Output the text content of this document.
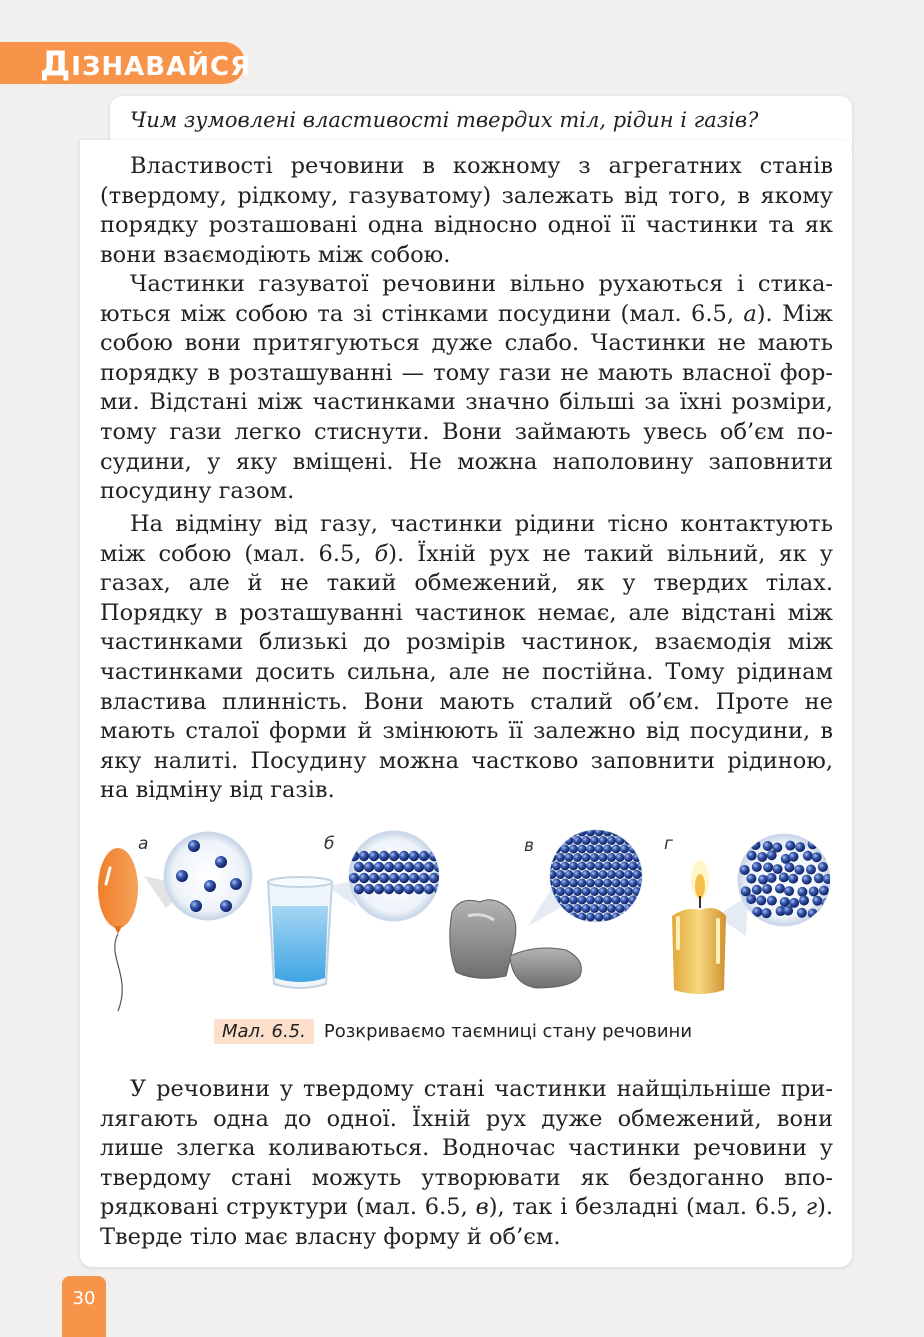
ДІЗНАВАЙСЯ
Чим зумовлені властивості твердих тіл, рідин і газів?

Властивості речовини в кожному з агрегатних станів (твердому, рідкому, газуватому) залежать від того, в якому порядку розташовані одна відносно одної її частинки та як вони взаємодіють між собою.

Частинки газуватої речовини вільно рухаються і стикаються між собою та зі стінками посудини (мал. 6.5, а). Між собою вони притягуються дуже слабо. Частинки не мають порядку в розташуванні — тому гази не мають власної форми. Відстані між частинками значно більші за їхні розміри, тому гази легко стиснути. Вони займають увесь об’єм посудини, у яку вміщені. Не можна наполовину заповнити посудину газом.

На відміну від газу, частинки рідини тісно контактують між собою (мал. 6.5, б). Їхній рух не такий вільний, як у газах, але й не такий обмежений, як у твердих тілах. Порядку в розташуванні частинок немає, але відстані між частинками близькі до розмірів частинок, взаємодія між частинками досить сильна, але не постійна. Тому рідинам властива плинність. Вони мають сталий об’єм. Проте не мають сталої форми й змінюють її залежно від посудини, в яку налиті. Посудину можна частково заповнити рідиною, на відміну від газів.

а	б	в	г
Мал. 6.5.	Розкриваємо таємниці стану речовини

У речовини у твердому стані частинки найщільніше прилягають одна до одної. Їхній рух дуже обмежений, вони лише злегка коливаються. Водночас частинки речовини у твердому стані можуть утворювати як бездоганно впорядковані структури (мал. 6.5, в), так і безладні (мал. 6.5, г). Тверде тіло має власну форму й об’єм.

30
